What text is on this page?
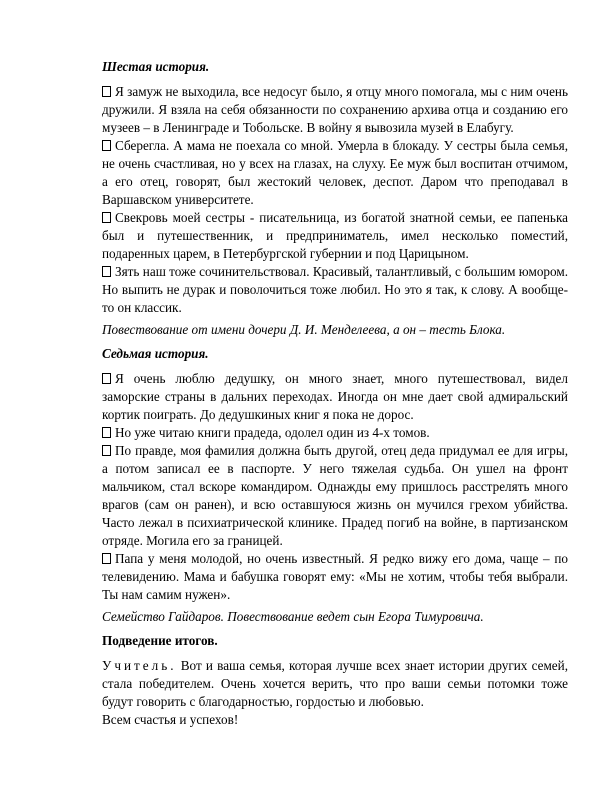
Шестая история.

Я замуж не выходила, все недосуг было, я отцу много помогала, мы с ним очень дружили. Я взяла на себя обязанности по сохранению архива отца и созданию его музеев – в Ленинграде и Тобольске. В войну я вывозила музей в Елабугу.

Сберегла. А мама не поехала со мной. Умерла в блокаду. У сестры была семья, не очень счастливая, но у всех на глазах, на слуху. Ее муж был воспитан отчимом, а его отец, говорят, был жестокий человек, деспот. Даром что преподавал в Варшавском университете.

Свекровь моей сестры - писательница, из богатой знатной семьи, ее папенька был и путешественник, и предприниматель, имел несколько поместий, подаренных царем, в Петербургской губернии и под Царицыном.

Зять наш тоже сочинительствовал. Красивый, талантливый, с большим юмором. Но выпить не дурак и поволочиться тоже любил. Но это я так, к слову. А вообще-то он классик.

Повествование от имени дочери Д. И. Менделеева, а он – тесть Блока.
Седьмая история.

Я очень люблю дедушку, он много знает, много путешествовал, видел заморские страны в дальних переходах. Иногда он мне дает свой адмиральский кортик поиграть. До дедушкиных книг я пока не дорос.

Но уже читаю книги прадеда, одолел один из 4-х томов.

По правде, моя фамилия должна быть другой, отец деда придумал ее для игры, а потом записал ее в паспорте. У него тяжелая судьба. Он ушел на фронт мальчиком, стал вскоре командиром. Однажды ему пришлось расстрелять много врагов (сам он ранен), и всю оставшуюся жизнь он мучился грехом убийства. Часто лежал в психиатрической клинике. Прадед погиб на войне, в партизанском отряде. Могила его за границей.

Папа у меня молодой, но очень известный. Я редко вижу его дома, чаще – по телевидению. Мама и бабушка говорят ему: «Мы не хотим, чтобы тебя выбрали. Ты нам самим нужен».

Семейство Гайдаров. Повествование ведет сын Егора Тимуровича.
Подведение итогов.

Учитель. Вот и ваша семья, которая лучше всех знает истории других семей, стала победителем. Очень хочется верить, что про ваши семьи потомки тоже будут говорить с благодарностью, гордостью и любовью.

Всем счастья и успехов!
